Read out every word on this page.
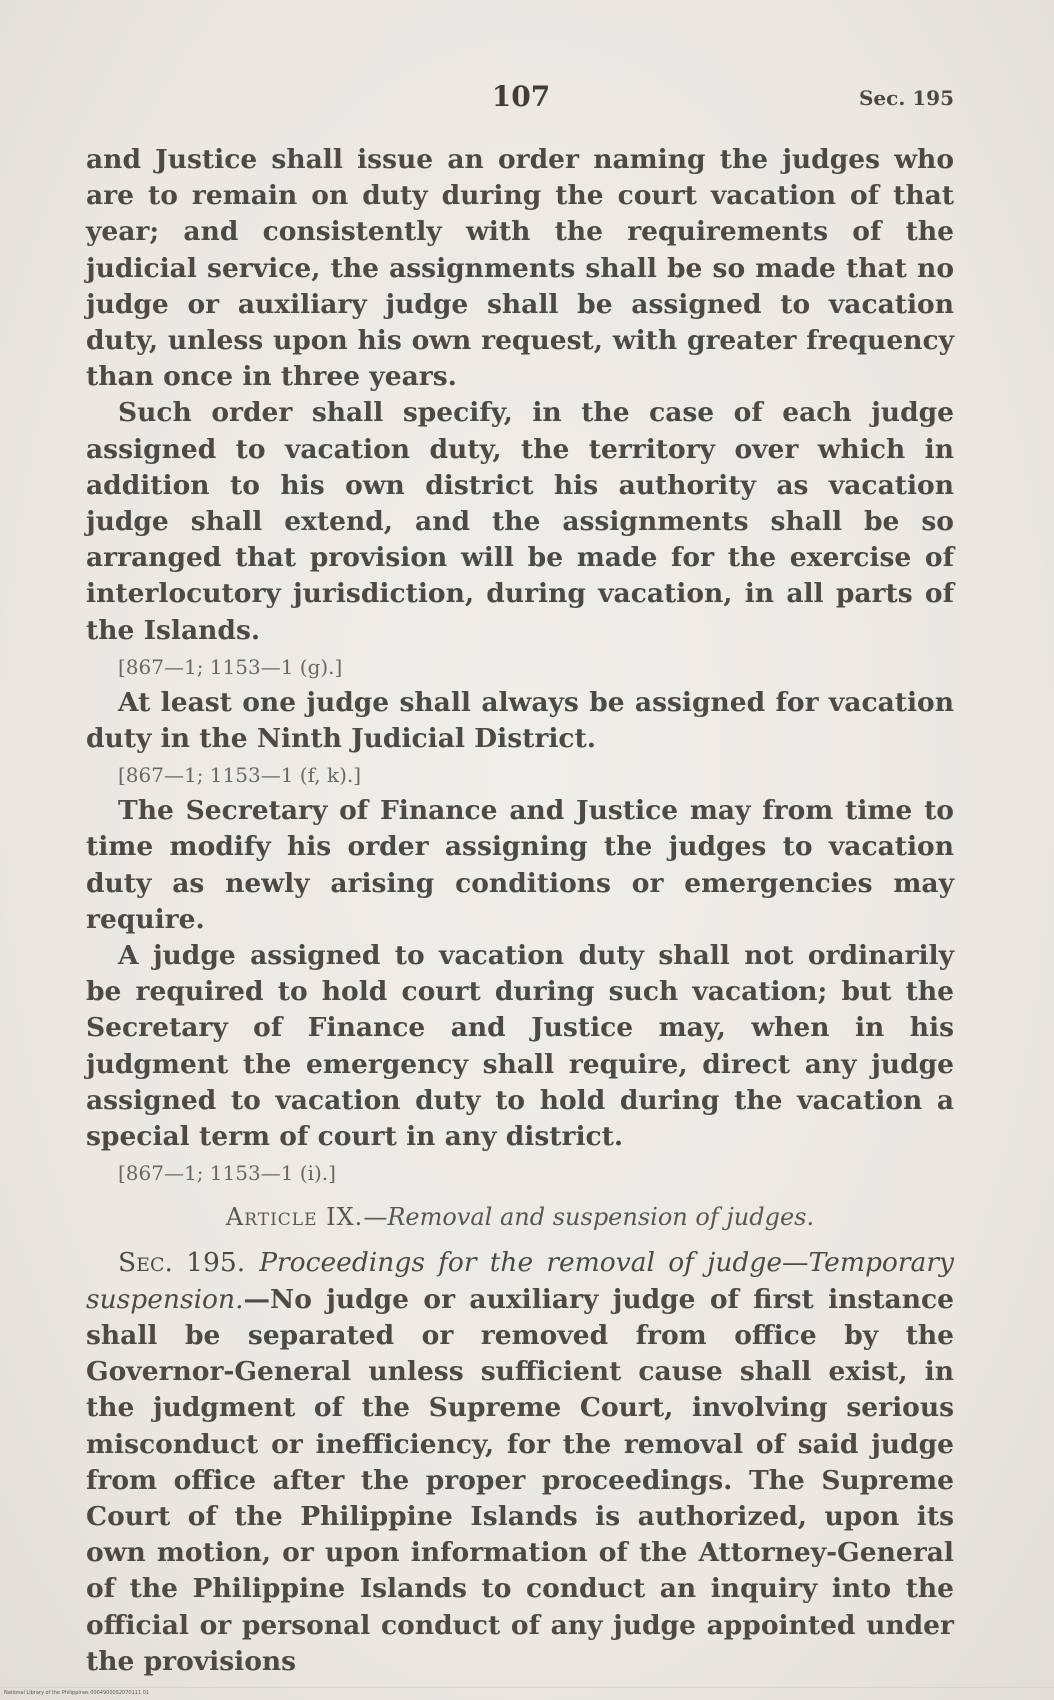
107	Sec. 195

and Justice shall issue an order naming the judges who are to remain on duty during the court vacation of that year; and consistently with the requirements of the judicial service, the assignments shall be so made that no judge or auxiliary judge shall be assigned to vacation duty, unless upon his own request, with greater frequency than once in three years.

Such order shall specify, in the case of each judge assigned to vacation duty, the territory over which in addition to his own district his authority as vacation judge shall extend, and the assignments shall be so arranged that provision will be made for the exercise of interlocutory jurisdiction, during vacation, in all parts of the Islands.

[867—1; 1153—1 (g).]

At least one judge shall always be assigned for vacation duty in the Ninth Judicial District.

[867—1; 1153—1 (f, k).]

The Secretary of Finance and Justice may from time to time modify his order assigning the judges to vacation duty as newly arising conditions or emergencies may require.

A judge assigned to vacation duty shall not ordinarily be required to hold court during such vacation; but the Secretary of Finance and Justice may, when in his judgment the emergency shall require, direct any judge assigned to vacation duty to hold during the vacation a special term of court in any district.

[867—1; 1153—1 (i).]

Article IX.—Removal and suspension of judges.

Sec. 195. Proceedings for the removal of judge—Temporary suspension.—No judge or auxiliary judge of first instance shall be separated or removed from office by the Governor-General unless sufficient cause shall exist, in the judgment of the Supreme Court, involving serious misconduct or inefficiency, for the removal of said judge from office after the proper proceedings. The Supreme Court of the Philippine Islands is authorized, upon its own motion, or upon information of the Attorney-General of the Philippine Islands to conduct an inquiry into the official or personal conduct of any judge appointed under the provisions

National Library of the Philippines 00649000S2070111 01
